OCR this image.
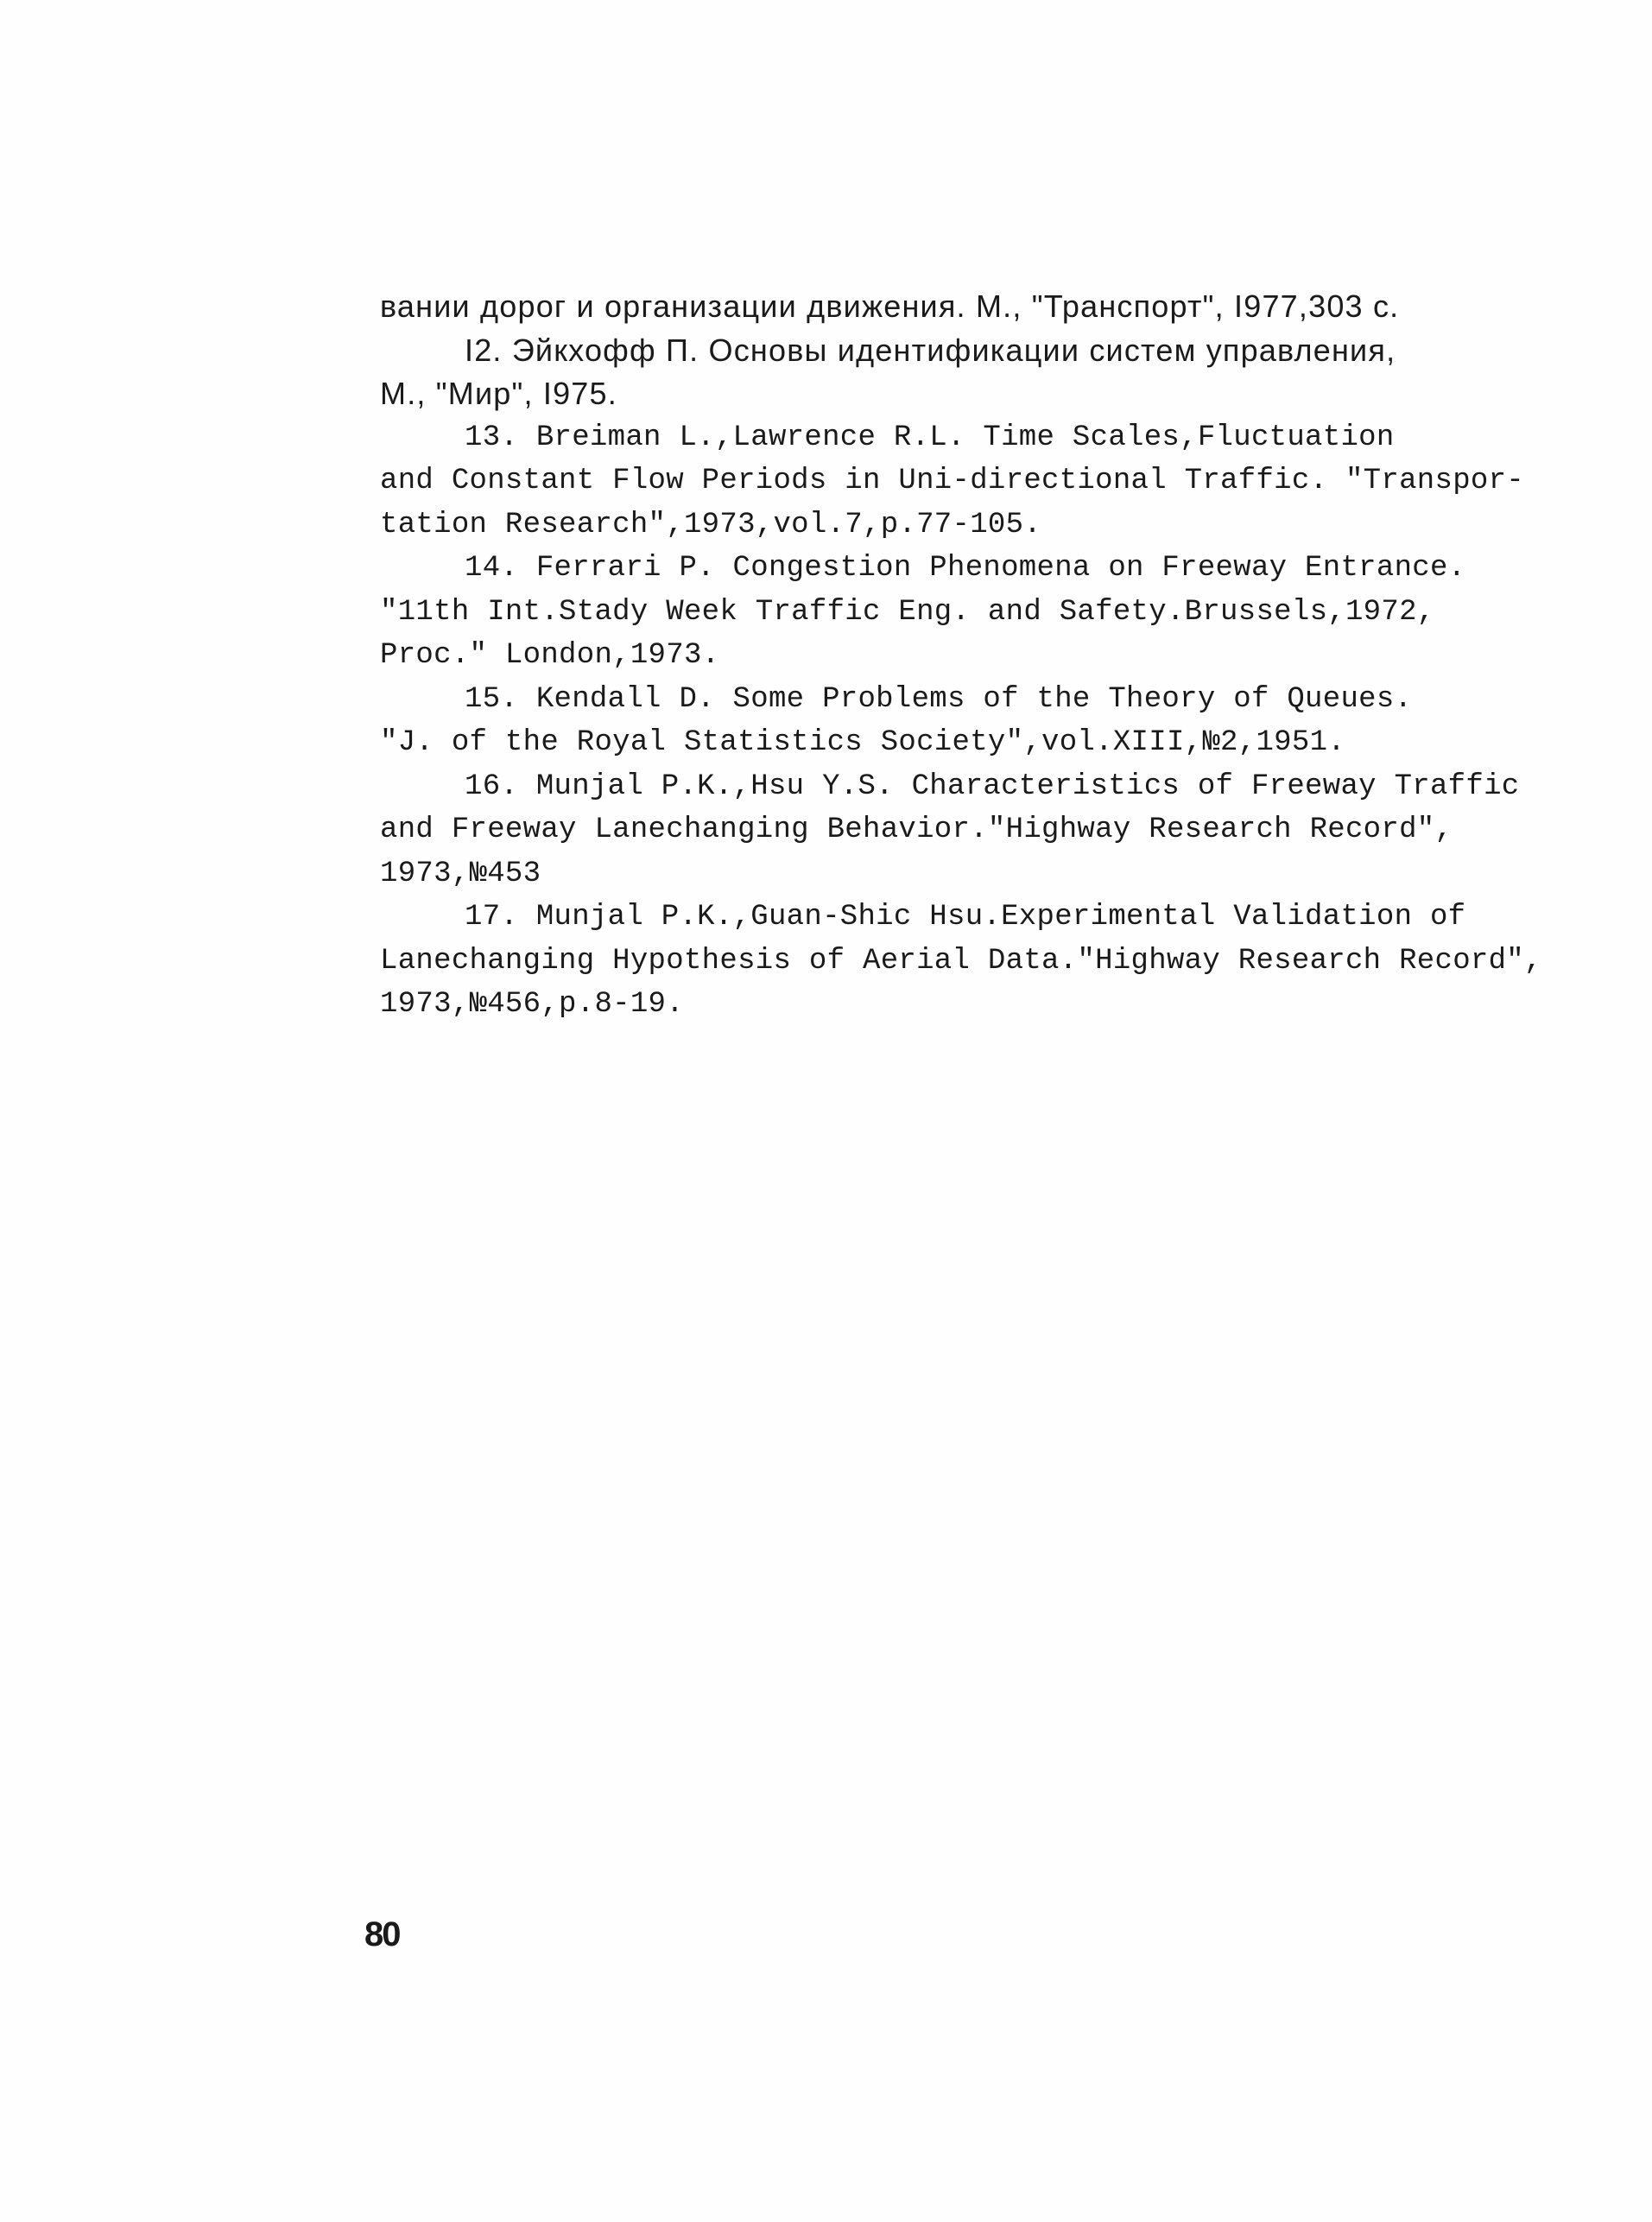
вании дорог и организации движения. М., "Транспорт", I977,303 с.
I2. Эйкхофф П. Основы идентификации систем управления,
М., "Мир", I975.
13. Breiman L.,Lawrence R.L. Time Scales,Fluctuation
and Constant Flow Periods in Uni-directional Traffic. "Transpor-
tation Research",1973,vol.7,p.77-105.
14. Ferrari P. Congestion Phenomena on Freeway Entrance.
"11th Int.Stady Week Traffic Eng. and Safety.Brussels,1972,
Proc." London,1973.
15. Kendall D. Some Problems of the Theory of Queues.
"J. of the Royal Statistics Society",vol.XIII,№2,1951.
16. Munjal P.K.,Hsu Y.S. Characteristics of Freeway Traffic
and Freeway Lanechanging Behavior."Highway Research Record",
1973,№453
17. Munjal P.K.,Guan-Shic Hsu.Experimental Validation of
Lanechanging Hypothesis of Aerial Data."Highway Research Record",
1973,№456,p.8-19.
80
